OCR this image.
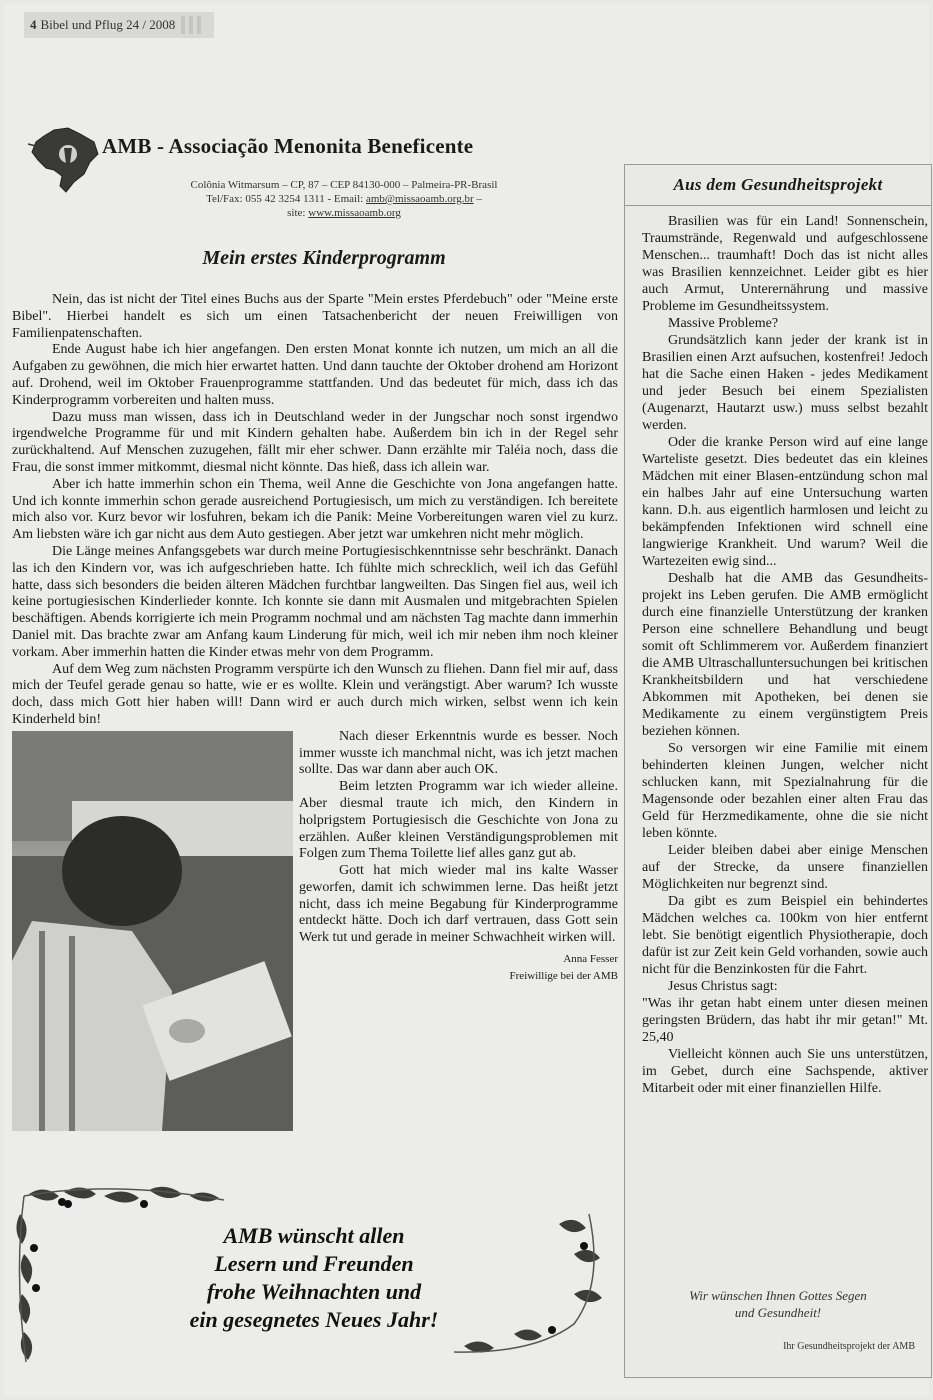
4 Bibel und Pflug
24 / 2008
AMB - Associação Menonita Beneficente
Colônia Witmarsum – CP, 87 – CEP 84130-000 – Palmeira-PR-Brasil
Tel/Fax: 055 42 3254 1311 - Email: amb@missaoamb.org.br –
site: www.missaoamb.org
Mein erstes Kinderprogramm

Nein, das ist nicht der Titel eines Buchs aus der Sparte "Mein erstes Pferdebuch" oder "Meine erste Bibel". Hierbei handelt es sich um einen Tatsachenbericht der neuen Freiwilligen von Familienpatenschaften.

Ende August habe ich hier angefangen. Den ersten Monat konnte ich nutzen, um mich an all die Aufgaben zu gewöhnen, die mich hier erwartet hatten. Und dann tauchte der Oktober drohend am Horizont auf. Drohend, weil im Oktober Frauenprogramme stattfanden. Und das bedeutet für mich, dass ich das Kinderprogramm vorbereiten und halten muss.

Dazu muss man wissen, dass ich in Deutschland weder in der Jungschar noch sonst irgendwo irgendwelche Programme für und mit Kindern gehalten habe. Außerdem bin ich in der Regel sehr zurückhaltend. Auf Menschen zuzugehen, fällt mir eher schwer. Dann erzählte mir Taléia noch, dass die Frau, die sonst immer mitkommt, diesmal nicht könnte. Das hieß, dass ich allein war.

Aber ich hatte immerhin schon ein Thema, weil Anne die Geschichte von Jona angefangen hatte. Und ich konnte immerhin schon gerade ausreichend Portugiesisch, um mich zu verständigen. Ich bereitete mich also vor. Kurz bevor wir losfuhren, bekam ich die Panik: Meine Vorbereitungen waren viel zu kurz. Am liebsten wäre ich gar nicht aus dem Auto gestiegen. Aber jetzt war umkehren nicht mehr möglich.

Die Länge meines Anfangsgebets war durch meine Portugiesischkenntnisse sehr beschränkt. Danach las ich den Kindern vor, was ich aufgeschrieben hatte. Ich fühlte mich schrecklich, weil ich das Gefühl hatte, dass sich besonders die beiden älteren Mädchen furchtbar langweilten. Das Singen fiel aus, weil ich keine portugiesischen Kinderlieder konnte. Ich konnte sie dann mit Ausmalen und mitgebrachten Spielen beschäftigen. Abends korrigierte ich mein Programm nochmal und am nächsten Tag machte dann immerhin Daniel mit. Das brachte zwar am Anfang kaum Linderung für mich, weil ich mir neben ihm noch kleiner vorkam. Aber immerhin hatten die Kinder etwas mehr von dem Programm.

Auf dem Weg zum nächsten Programm verspürte ich den Wunsch zu fliehen. Dann fiel mir auf, dass mich der Teufel gerade genau so hatte, wie er es wollte. Klein und verängstigt. Aber warum? Ich wusste doch, dass mich Gott hier haben will! Dann wird er auch durch mich wirken, selbst wenn ich kein Kinderheld bin!

Nach dieser Erkenntnis wurde es besser. Noch immer wusste ich manchmal nicht, was ich jetzt machen sollte. Das war dann aber auch OK.

Beim letzten Programm war ich wieder alleine. Aber diesmal traute ich mich, den Kindern in holprigstem Portugiesisch die Geschichte von Jona zu erzählen. Außer kleinen Verständigungsproblemen mit Folgen zum Thema Toilette lief alles ganz gut ab.

Gott hat mich wieder mal ins kalte Wasser geworfen, damit ich schwimmen lerne. Das heißt jetzt nicht, dass ich meine Begabung für Kinderprogramme entdeckt hätte. Doch ich darf vertrauen, dass Gott sein Werk tut und gerade in meiner Schwachheit wirken will.

Anna Fesser
Freiwillige bei der AMB
AMB wünscht allen
Lesern und Freunden
frohe Weihnachten und
ein gesegnetes Neues Jahr!
Aus dem Gesundheitsprojekt

Brasilien was für ein Land! Sonnenschein, Traumstrände, Regenwald und aufgeschlossene Menschen... traumhaft! Doch das ist nicht alles was Brasilien kennzeichnet. Leider gibt es hier auch Armut, Unterernährung und massive Probleme im Gesundheitssystem.

Massive Probleme?

Grundsätzlich kann jeder der krank ist in Brasilien einen Arzt aufsuchen, kostenfrei! Jedoch hat die Sache einen Haken - jedes Medikament und jeder Besuch bei einem Spezialisten (Augenarzt, Hautarzt usw.) muss selbst bezahlt werden.

Oder die kranke Person wird auf eine lange Warteliste gesetzt. Dies bedeutet das ein kleines Mädchen mit einer Blasen-entzündung schon mal ein halbes Jahr auf eine Untersuchung warten kann. D.h. aus eigentlich harmlosen und leicht zu bekämpfenden Infektionen wird schnell eine langwierige Krankheit. Und warum? Weil die Wartezeiten ewig sind...

Deshalb hat die AMB das Gesundheits-projekt ins Leben gerufen. Die AMB ermöglicht durch eine finanzielle Unterstützung der kranken Person eine schnellere Behandlung und beugt somit oft Schlimmerem vor. Außerdem finanziert die AMB Ultraschalluntersuchungen bei kritischen Krankheitsbildern und hat verschiedene Abkommen mit Apotheken, bei denen sie Medikamente zu einem vergünstigtem Preis beziehen können.

So versorgen wir eine Familie mit einem behinderten kleinen Jungen, welcher nicht schlucken kann, mit Spezialnahrung für die Magensonde oder bezahlen einer alten Frau das Geld für Herzmedikamente, ohne die sie nicht leben könnte.

Leider bleiben dabei aber einige Menschen auf der Strecke, da unsere finanziellen Möglichkeiten nur begrenzt sind.

Da gibt es zum Beispiel ein behindertes Mädchen welches ca. 100km von hier entfernt lebt. Sie benötigt eigentlich Physiotherapie, doch dafür ist zur Zeit kein Geld vorhanden, sowie auch nicht für die Benzinkosten für die Fahrt.

Jesus Christus sagt:

"Was ihr getan habt einem unter diesen meinen geringsten Brüdern, das habt ihr mir getan!" Mt. 25,40

Vielleicht können auch Sie uns unterstützen, im Gebet, durch eine Sachspende, aktiver Mitarbeit oder mit einer finanziellen Hilfe.

Wir wünschen Ihnen Gottes Segen
und Gesundheit!
Ihr Gesundheitsprojekt der AMB
